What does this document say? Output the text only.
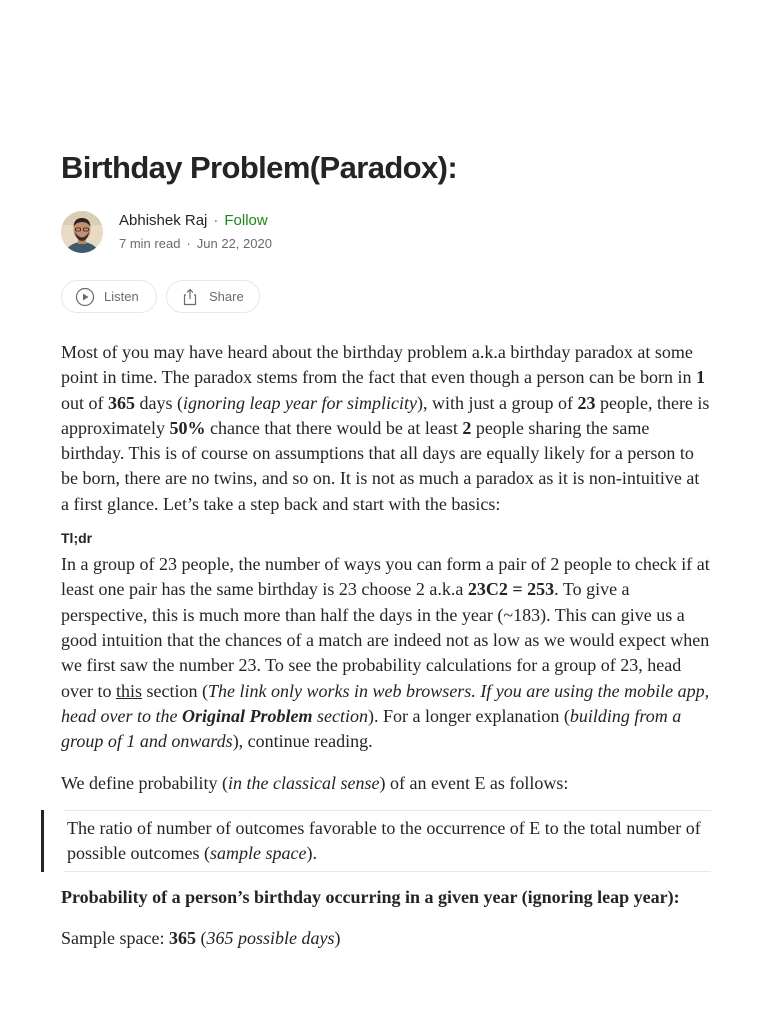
Birthday Problem(Paradox):
Abhishek Raj · Follow
7 min read · Jun 22, 2020
Listen	Share

Most of you may have heard about the birthday problem a.k.a birthday paradox at some point in time. The paradox stems from the fact that even though a person can be born in 1 out of 365 days (ignoring leap year for simplicity), with just a group of 23 people, there is approximately 50% chance that there would be at least 2 people sharing the same birthday. This is of course on assumptions that all days are equally likely for a person to be born, there are no twins, and so on. It is not as much a paradox as it is non-intuitive at a first glance. Let’s take a step back and start with the basics:

Tl;dr

In a group of 23 people, the number of ways you can form a pair of 2 people to check if at least one pair has the same birthday is 23 choose 2 a.k.a 23C2 = 253. To give a perspective, this is much more than half the days in the year (~183). This can give us a good intuition that the chances of a match are indeed not as low as we would expect when we first saw the number 23. To see the probability calculations for a group of 23, head over to this section (The link only works in web browsers. If you are using the mobile app, head over to the Original Problem section). For a longer explanation (building from a group of 1 and onwards), continue reading.

We define probability (in the classical sense) of an event E as follows:

The ratio of number of outcomes favorable to the occurrence of E to the total number of possible outcomes (sample space).

Probability of a person’s birthday occurring in a given year (ignoring leap year):

Sample space: 365 (365 possible days)
